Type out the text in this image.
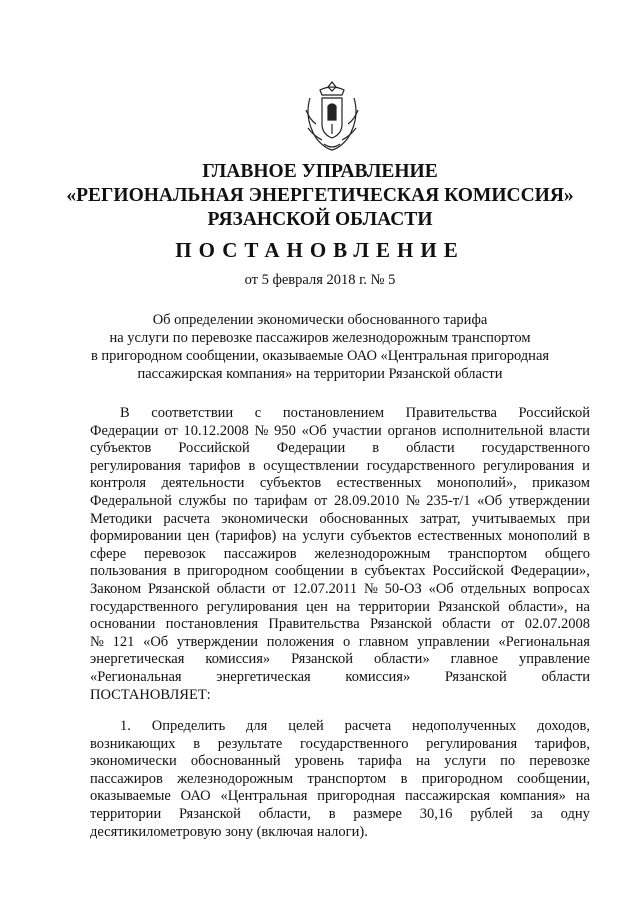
ГЛАВНОЕ УПРАВЛЕНИЕ
«РЕГИОНАЛЬНАЯ ЭНЕРГЕТИЧЕСКАЯ КОМИССИЯ»
РЯЗАНСКОЙ ОБЛАСТИ
ПОСТАНОВЛЕНИЕ
от 5 февраля 2018 г. № 5
Об определении экономически обоснованного тарифа
на услуги по перевозке пассажиров железнодорожным транспортом
в пригородном сообщении, оказываемые ОАО «Центральная пригородная
пассажирская компания» на территории Рязанской области
В соответствии с постановлением Правительства Российской
Федерации от 10.12.2008 № 950 «Об участии органов исполнительной власти
субъектов Российской Федерации в области государственного
регулирования тарифов в осуществлении государственного регулирования и
контроля деятельности субъектов естественных монополий», приказом
Федеральной службы по тарифам от 28.09.2010 № 235-т/1 «Об утверждении
Методики расчета экономически обоснованных затрат, учитываемых при
формировании цен (тарифов) на услуги субъектов естественных монополий в
сфере перевозок пассажиров железнодорожным транспортом общего
пользования в пригородном сообщении в субъектах Российской Федерации»,
Законом Рязанской области от 12.07.2011 № 50-ОЗ «Об отдельных вопросах
государственного регулирования цен на территории Рязанской области», на
основании постановления Правительства Рязанской области от 02.07.2008
№ 121 «Об утверждении положения о главном управлении «Региональная
энергетическая комиссия» Рязанской области» главное управление
«Региональная энергетическая комиссия» Рязанской области
ПОСТАНОВЛЯЕТ:
1. Определить для целей расчета недополученных доходов,
возникающих в результате государственного регулирования тарифов,
экономически обоснованный уровень тарифа на услуги по перевозке
пассажиров железнодорожным транспортом в пригородном сообщении,
оказываемые ОАО «Центральная пригородная пассажирская компания» на
территории Рязанской области, в размере 30,16 рублей за одну
десятикилометровую зону (включая налоги).
